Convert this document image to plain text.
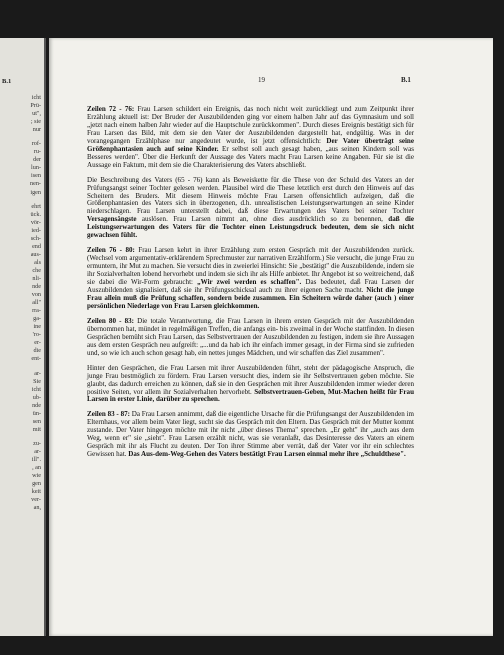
B.1
icht
Prü-
ut",
; sie
nur
rof-
ru-
der
lun-
isen
nen-
igen
ehrt
ück.
vör-
ied-
sch-
end
aus-
als
che
nli-
nde
von
all"
rra-
ga-
ine
'ro-
er-
die
ent-
ar-
Sie
icht
ub-
nde
ün-
sen
mit
zu-
ar-
ill".
, an
wie
gen
keit
ver-
an,
19	B.1

Zeilen 72 - 76: Frau Larsen schildert ein Ereignis, das noch nicht weit zurückliegt und zum Zeitpunkt ihrer Erzählung aktuell ist: Der Bruder der Auszubildenden ging vor einem halben Jahr auf das Gymnasium und soll „jetzt nach einem halben Jahr wieder auf die Hauptschule zurückkommen". Durch dieses Ereignis bestätigt sich für Frau Larsen das Bild, mit dem sie den Vater der Auszubildenden dargestellt hat, endgültig. Was in der vorangegangen Erzählphase nur angedeutet wurde, ist jetzt offensichtlich: Der Vater überträgt seine Größenphantasien auch auf seine Kinder. Er selbst soll auch gesagt haben, „aus seinen Kindern soll was Besseres werden". Über die Herkunft der Aussage des Vaters macht Frau Larsen keine Angaben. Für sie ist die Aussage ein Faktum, mit dem sie die Charakterisierung des Vaters abschließt.

Die Beschreibung des Vaters (65 - 76) kann als Beweiskette für die These von der Schuld des Vaters an der Prüfungsangst seiner Tochter gelesen werden. Plausibel wird die These letztlich erst durch den Hinweis auf das Scheitern des Bruders. Mit diesem Hinweis möchte Frau Larsen offensichtlich aufzeigen, daß die Größenphantasien des Vaters sich in überzogenen, d.h. unrealistischen Leistungserwartungen an seine Kinder niederschlagen. Frau Larsen unterstellt dabei, daß diese Erwartungen des Vaters bei seiner Tochter Versagensängste auslösen. Frau Larsen nimmt an, ohne dies ausdrücklich so zu benennen, daß die Leistungserwartungen des Vaters für die Tochter einen Leistungsdruck bedeuten, dem sie sich nicht gewachsen fühlt.

Zeilen 76 - 80: Frau Larsen kehrt in ihrer Erzählung zum ersten Gespräch mit der Auszubildenden zurück. (Wechsel vom argumentativ-erklärendem Sprechmuster zur narrativen Erzählform.) Sie versucht, die junge Frau zu ermuntern, ihr Mut zu machen. Sie versucht dies in zweierlei Hinsicht: Sie „bestätigt" die Auszubildende, indem sie ihr Sozialverhalten lobend hervorhebt und indem sie sich ihr als Hilfe anbietet. Ihr Angebot ist so weitreichend, daß sie dabei die Wir-Form gebraucht: „Wir zwei werden es schaffen". Das bedeutet, daß Frau Larsen der Auszubildenden signalisiert, daß sie ihr Prüfungsschicksal auch zu ihrer eigenen Sache macht. Nicht die junge Frau allein muß die Prüfung schaffen, sondern beide zusammen. Ein Scheitern würde daher (auch ) einer persönlichen Niederlage von Frau Larsen gleichkommen.

Zeilen 80 - 83: Die totale Verantwortung, die Frau Larsen in ihrem ersten Gespräch mit der Auszubildenden übernommen hat, mündet in regelmäßigen Treffen, die anfangs ein- bis zweimal in der Woche stattfinden. In diesen Gesprächen bemüht sich Frau Larsen, das Selbstvertrauen der Auszubildenden zu festigen, indem sie ihre Aussagen aus dem ersten Gespräch neu aufgreift: „...und da hab ich ihr einfach immer gesagt, in der Firma sind sie zufrieden und, so wie ich auch schon gesagt hab, ein nettes junges Mädchen, und wir schaffen das Ziel zusammen".

Hinter den Gesprächen, die Frau Larsen mit ihrer Auszubildenden führt, steht der pädagogische Anspruch, die junge Frau bestmöglich zu fördern. Frau Larsen versucht dies, indem sie ihr Selbstvertrauen geben möchte. Sie glaubt, das dadurch erreichen zu können, daß sie in den Gesprächen mit ihrer Auszubildenden immer wieder deren positive Seiten, vor allem ihr Sozialverhalten hervorhebt. Selbstvertrauen-Geben, Mut-Machen heißt für Frau Larsen in erster Linie, darüber zu sprechen.

Zeilen 83 - 87: Da Frau Larsen annimmt, daß die eigentliche Ursache für die Prüfungsangst der Auszubildenden im Elternhaus, vor allem beim Vater liegt, sucht sie das Gespräch mit den Eltern. Das Gespräch mit der Mutter kommt zustande. Der Vater hingegen möchte mit ihr nicht „über dieses Thema" sprechen. „Er geht" ihr „auch aus dem Weg, wenn er" sie „sieht". Frau Larsen erzählt nicht, was sie veranlaßt, das Desinteresse des Vaters an einem Gespräch mit ihr als Flucht zu deuten. Der Ton ihrer Stimme aber verrät, daß der Vater vor ihr ein schlechtes Gewissen hat. Das Aus-dem-Weg-Gehen des Vaters bestätigt Frau Larsen einmal mehr ihre „Schuldthese".
